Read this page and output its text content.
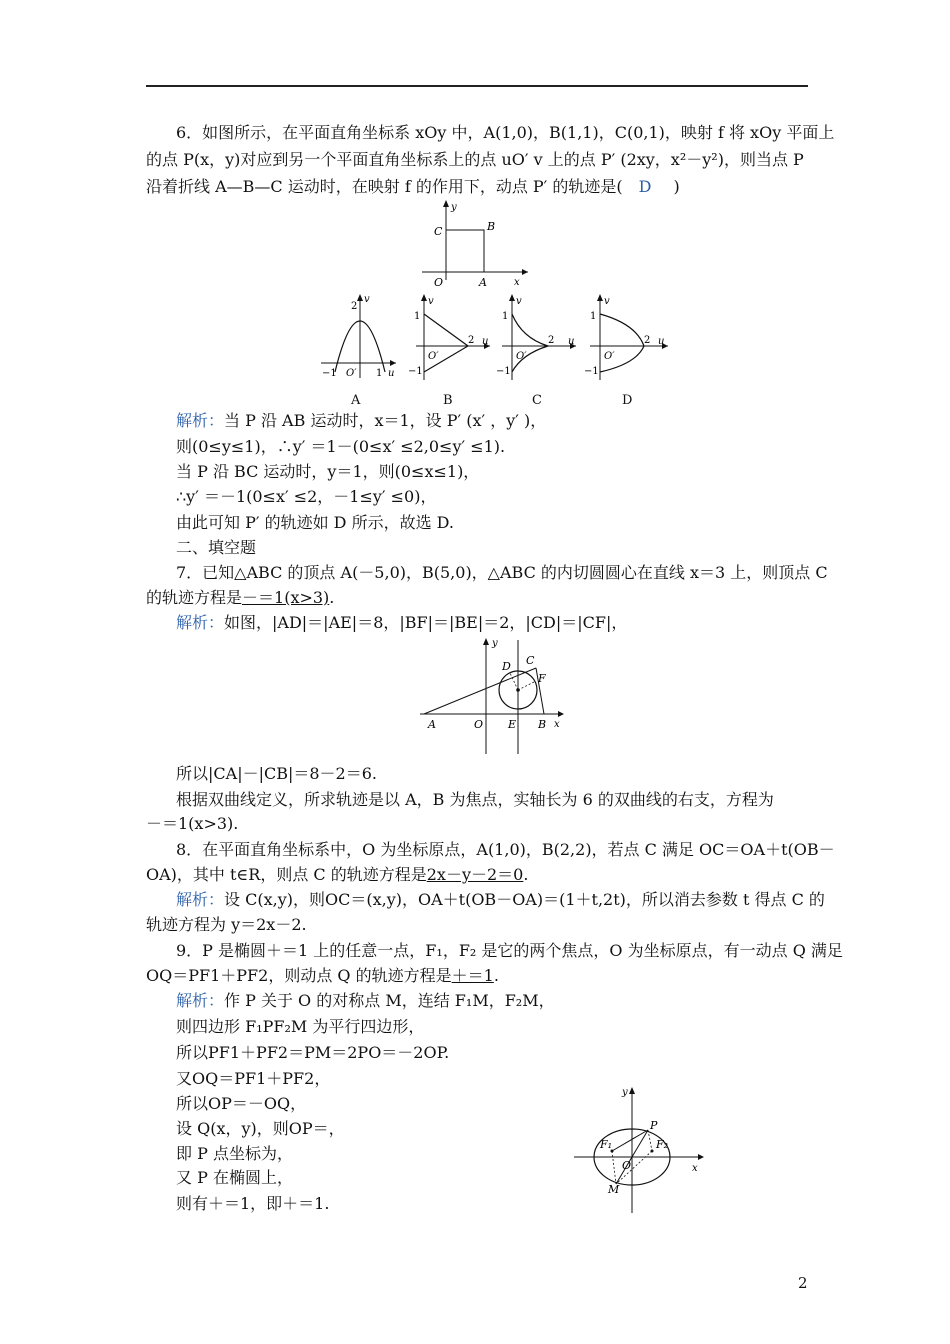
6．如图所示，在平面直角坐标系 xOy 中，A(1,0)，B(1,1)，C(0,1)，映射 f 将 xOy 平面上
的点 P(x，y)对应到另一个平面直角坐标系上的点 uO′ v 上的点 P′ (2xy，x²－y²)，则当点 P
沿着折线 A—B—C 运动时，在映射 f 的作用下，动点 P′ 的轨迹是( D )
y
x
O	A
B
C
2
v
−1 O′ 1 u
A
v
1
O′
2 u
−1
B
v
1
O′
2 u
−1
C
v
1
O′
2 u
−1
D
解析：当 P 沿 AB 运动时，x＝1，设 P′ (x′ ，y′ )，
则(0≤y≤1)，∴y′ ＝1－(0≤x′ ≤2,0≤y′ ≤1).
当 P 沿 BC 运动时，y＝1，则(0≤x≤1)，
∴y′ ＝－1(0≤x′ ≤2，－1≤y′ ≤0)，
由此可知 P′ 的轨迹如 D 所示，故选 D.
二、填空题
7．已知△ABC 的顶点 A(－5,0)，B(5,0)，△ABC 的内切圆圆心在直线 x＝3 上，则顶点 C
的轨迹方程是－＝1(x>3).
解析：如图，|AD|＝|AE|＝8，|BF|＝|BE|＝2，|CD|＝|CF|，
y
x
A	O E B
C
D
F
所以|CA|－|CB|＝8－2＝6.
根据双曲线定义，所求轨迹是以 A，B 为焦点，实轴长为 6 的双曲线的右支，方程为
－＝1(x>3).
8．在平面直角坐标系中，O 为坐标原点，A(1,0)，B(2,2)，若点 C 满足 OC＝OA＋t(OB－
OA)，其中 t∈R，则点 C 的轨迹方程是2x－y－2＝0.
解析：设 C(x,y)，则OC＝(x,y)，OA＋t(OB－OA)＝(1＋t,2t)，所以消去参数 t 得点 C 的
轨迹方程为 y＝2x－2.
9．P 是椭圆＋＝1 上的任意一点，F₁，F₂ 是它的两个焦点，O 为坐标原点，有一动点 Q 满足
OQ＝PF1＋PF2，则动点 Q 的轨迹方程是＋＝1.
解析：作 P 关于 O 的对称点 M，连结 F₁M，F₂M，
则四边形 F₁PF₂M 为平行四边形，
所以PF1＋PF2＝PM＝2PO＝－2OP.
又OQ＝PF1＋PF2，
所以OP＝－OQ，
设 Q(x，y)，则OP＝，
即 P 点坐标为，
又 P 在椭圆上，
则有＋＝1，即＋＝1.
y
x
P
F₁	F₂
O
M
2
